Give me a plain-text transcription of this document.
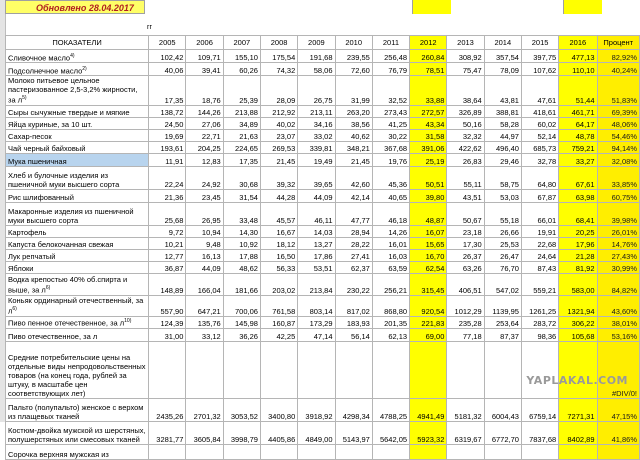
Обновлено 28.04.2017
гг
ПОКАЗАТЕЛИ	2005	2006	2007	2008	2009	2010	2011	2012	2013	2014	2015	2016	Процент
Сливочное масло$^{4)}$	102,42	109,71	155,10	175,54	191,68	239,55	256,48	260,84	308,92	357,54	397,75	477,13	82,92%
Подсолнечное масло$^{2)}$	40,06	39,41	60,26	74,32	58,06	72,60	76,79	78,51	75,47	78,09	107,62	110,10	40,24%
Молоко питьевое цельное пастеризованное 2,5-3,2% жирности, за $л^{5)}$	17,35	18,76	25,39	28,09	26,75	31,99	32,52	33,88	38,64	43,81	47,61	51,44	51,83%
Сыры сычужные твердые и мягкие	138,72	144,26	213,88	212,92	213,11	263,20	273,43	272,57	326,89	388,81	418,61	461,71	69,39%
Яйца куриные, за 10 шт.	24,50	27,06	34,89	40,02	34,16	38,56	41,25	43,34	50,16	58,28	60,02	64,17	48,06%
Сахар-песок	19,69	22,71	21,63	23,07	33,02	40,62	30,22	31,58	32,32	44,97	52,14	48,78	54,46%
Чай черный байховый	193,61	204,25	224,65	269,53	339,81	348,21	367,68	391,06	422,62	496,40	685,73	759,21	94,14%
Мука пшеничная	11,91	12,83	17,35	21,45	19,49	21,45	19,76	25,19	26,83	29,46	32,78	33,27	32,08%
Хлеб и булочные изделия из пшеничной муки высшего сорта	22,24	24,92	30,68	39,32	39,65	42,60	45,36	50,51	55,11	58,75	64,80	67,61	33,85%
Рис шлифованный	21,36	23,45	31,54	44,28	44,09	42,14	40,65	39,80	43,51	53,03	67,87	63,98	60,75%
Макаронные изделия из пшеничной муки высшего сорта	25,68	26,95	33,48	45,57	46,11	47,77	46,18	48,87	50,67	55,18	66,01	68,41	39,98%
Картофель	9,72	10,94	14,30	16,67	14,03	28,94	14,26	16,07	23,18	26,66	19,91	20,25	26,01%
Капуста белокочанная свежая	10,21	9,48	10,92	18,12	13,27	28,22	16,01	15,65	17,30	25,53	22,68	17,96	14,76%
Лук репчатый	12,77	16,13	17,88	16,50	17,86	27,41	16,03	16,70	26,37	26,47	24,64	21,28	27,43%
Яблоки	36,87	44,09	48,62	56,33	53,51	62,37	63,59	62,54	63,26	76,70	87,43	81,92	30,99%
Водка крепостью 40% об.спирта и выше, за $л^{6)}$	148,89	166,04	181,66	203,02	213,84	230,22	256,21	315,45	406,51	547,02	559,21	583,00	84,82%
Коньяк ординарный отечественный, за $л^{6)}$	557,90	647,21	700,06	761,58	803,14	817,02	868,80	920,54	1012,29	1139,95	1261,25	1321,94	43,60%
Пиво пенное отечественное, за $л^{10)}$	124,39	135,76	145,98	160,87	173,29	183,93	201,35	221,83	235,28	253,64	283,72	306,22	38,01%
Пиво отечественное, за л	31,00	33,12	36,26	42,25	47,14	56,14	62,13	69,00	77,18	87,37	98,36	105,68	53,16%
Средние потребительские цены на отдельные виды непродовольственных товаров (на конец года, рублей за штуку, в масштабе цен соответствующих лет)													#DIV/0!
Пальто (полупальто) женское с верхом из плащевых тканей	2435,26	2701,32	3053,52	3400,80	3918,92	4298,34	4788,25	4941,49	5181,32	6004,43	6759,14	7271,31	47,15%
Костюм-двойка мужской из шерстяных, полушерстяных или смесовых тканей	3281,77	3605,84	3998,79	4405,86	4849,00	5143,97	5642,05	5923,32	6319,67	6772,70	7837,68	8402,89	41,86%
Сорочка верхняя мужская из													
YAPLAKAL.COM
